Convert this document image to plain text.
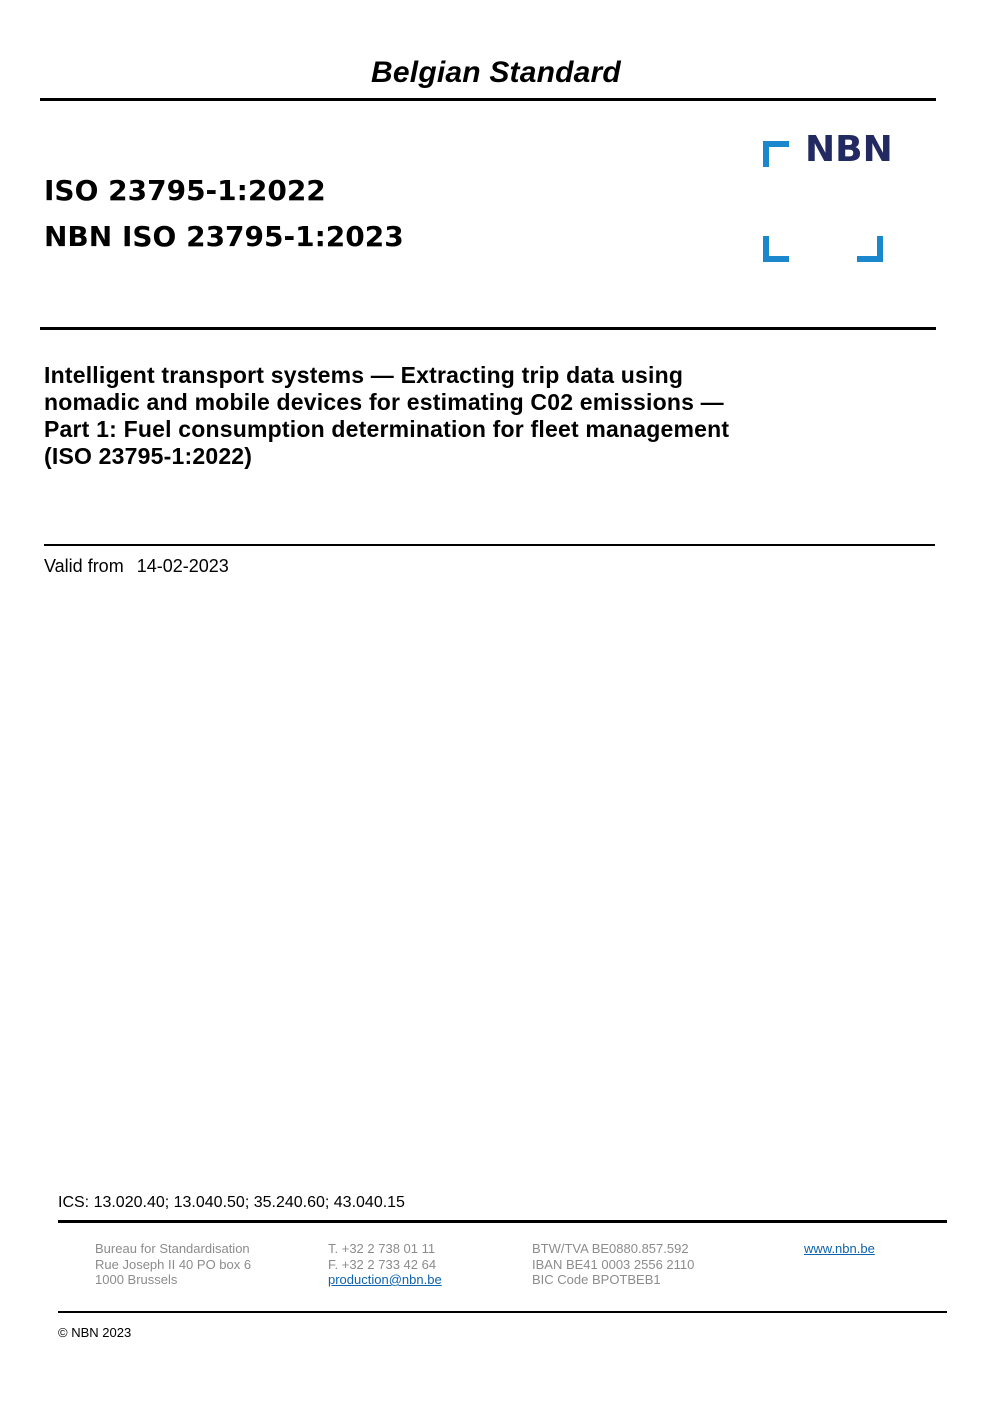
Belgian Standard
NBN
ISO 23795-1:2022
NBN ISO 23795-1:2023
Intelligent transport systems — Extracting trip data using
nomadic and mobile devices for estimating C02 emissions —
Part 1: Fuel consumption determination for fleet management
(ISO 23795-1:2022)
Valid from 14-02-2023
ICS: 13.020.40; 13.040.50; 35.240.60; 43.040.15
Bureau for Standardisation
Rue Joseph II 40 PO box 6
1000 Brussels
T. +32 2 738 01 11
F. +32 2 733 42 64
production@nbn.be
BTW/TVA BE0880.857.592
IBAN BE41 0003 2556 2110
BIC Code BPOTBEB1
www.nbn.be
© NBN 2023
